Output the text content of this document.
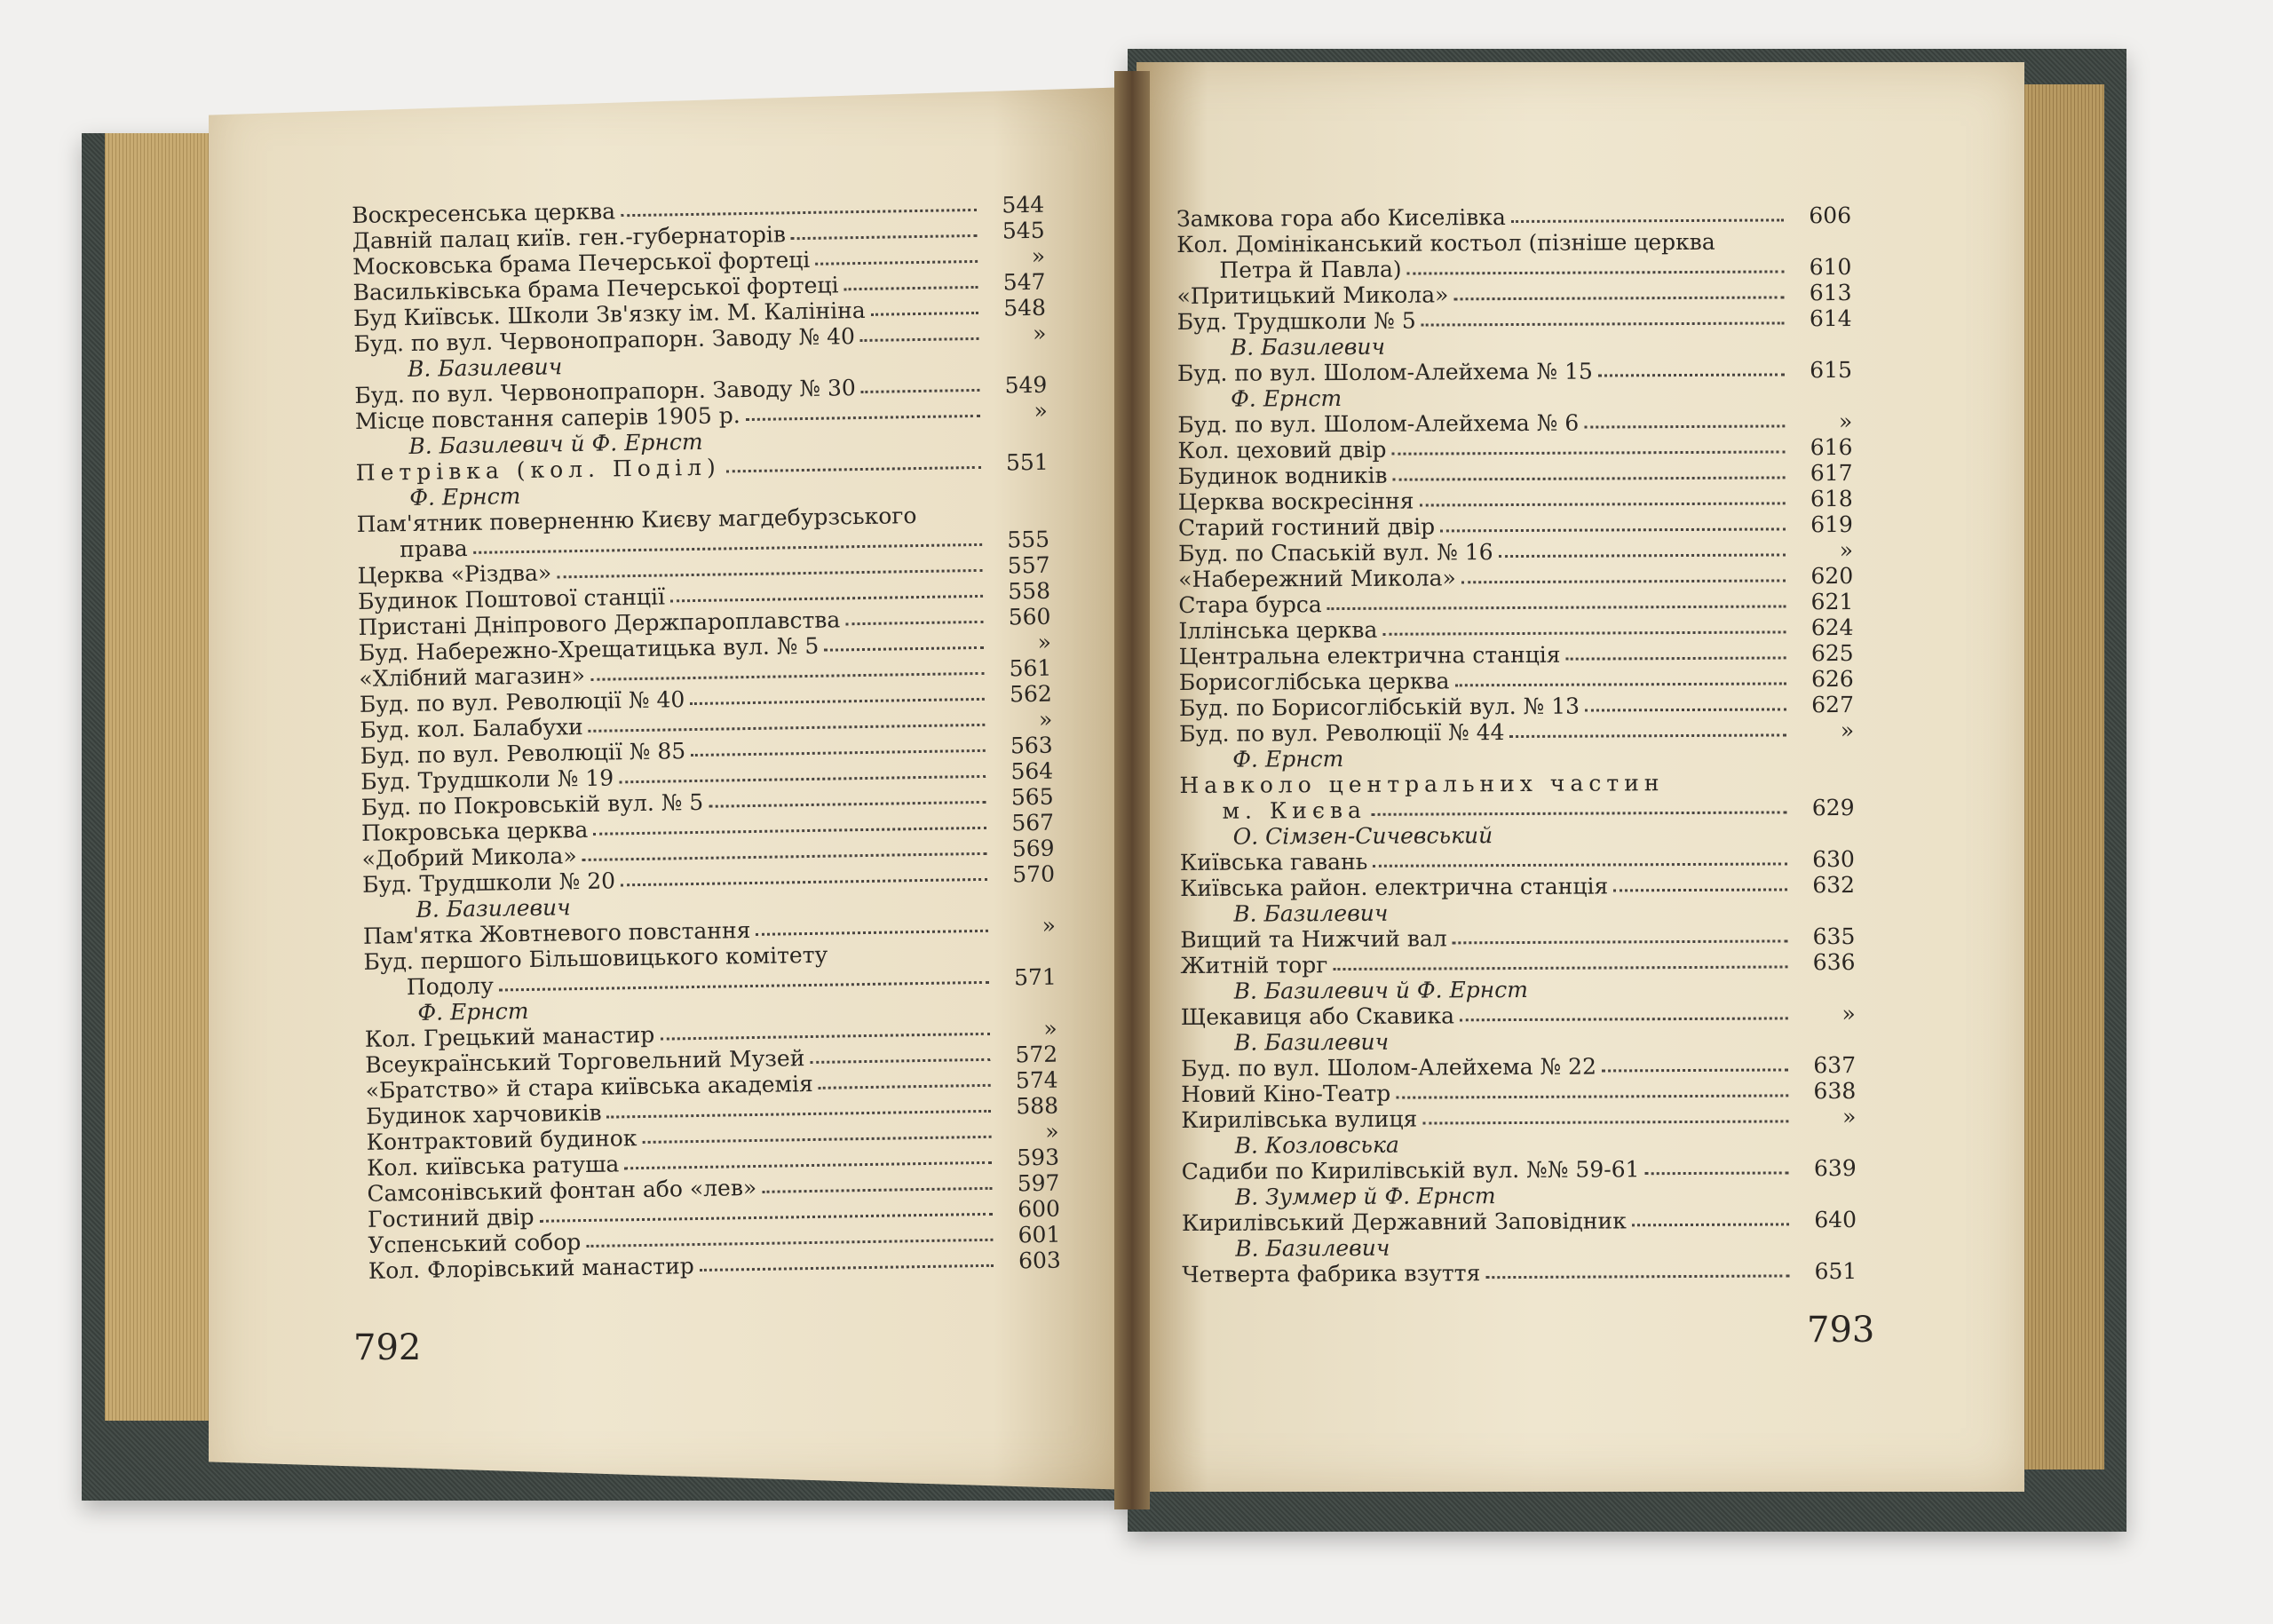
Воскресенська церква	544
Давній палац київ. ген.-губернаторів	545
Московська брама Печерської фортеці	»
Васильківська брама Печерської фортеці	547
Буд Київськ. Школи Зв'язку ім. М. Калініна	548
Буд. по вул. Червонопрапорн. Заводу № 40	»
В. Базилевич
Буд. по вул. Червонопрапорн. Заводу № 30	549
Місце повстання саперів 1905 р.	»
В. Базилевич й Ф. Ернст
Петрівка (кол. Поділ)	551
Ф. Ернст
Пам'ятник поверненню Києву магдебурзського
права	555
Церква «Різдва»	557
Будинок Поштової станції	558
Пристані Дніпрового Держпароплавства	560
Буд. Набережно-Хрещатицька вул. № 5	»
«Хлібний магазин»	561
Буд. по вул. Революції № 40	562
Буд. кол. Балабухи	»
Буд. по вул. Революції № 85	563
Буд. Трудшколи № 19	564
Буд. по Покровській вул. № 5	565
Покровська церква	567
«Добрий Микола»	569
Буд. Трудшколи № 20	570
В. Базилевич
Пам'ятка Жовтневого повстання	»
Буд. першого Більшовицького комітету
Подолу	571
Ф. Ернст
Кол. Грецький манастир	»
Всеукраїнський Торговельний Музей	572
«Братство» й стара київська академія	574
Будинок харчовиків	588
Контрактовий будинок	»
Кол. київська ратуша	593
Самсонівський фонтан або «лев»	597
Гостиний двір	600
Успенський собор	601
Кол. Флорівський манастир	603
Замкова гора або Киселівка	606
Кол. Домініканський костьол (пізніше церква
Петра й Павла)	610
«Притицький Микола»	613
Буд. Трудшколи № 5	614
В. Базилевич
Буд. по вул. Шолом-Алейхема № 15	615
Ф. Ернст
Буд. по вул. Шолом-Алейхема № 6	»
Кол. цеховий двір	616
Будинок водників	617
Церква воскресіння	618
Старий гостиний двір	619
Буд. по Спаській вул. № 16	»
«Набережний Микола»	620
Стара бурса	621
Іллінська церква	624
Центральна електрична станція	625
Борисоглібська церква	626
Буд. по Борисоглібській вул. № 13	627
Буд. по вул. Революції № 44	»
Ф. Ернст
Навколо центральних частин
м. Києва	629
О. Сімзен-Сичевський
Київська гавань	630
Київська район. електрична станція	632
В. Базилевич
Вищий та Нижчий вал	635
Житній торг	636
В. Базилевич й Ф. Ернст
Щекавиця або Скавика	»
В. Базилевич
Буд. по вул. Шолом-Алейхема № 22	637
Новий Кіно-Театр	638
Кирилівська вулиця	»
В. Козловська
Садиби по Кирилівській вул. №№ 59-61	639
В. Зуммер й Ф. Ернст
Кирилівський Державний Заповідник	640
В. Базилевич
Четверта фабрика взуття	651
792	793
